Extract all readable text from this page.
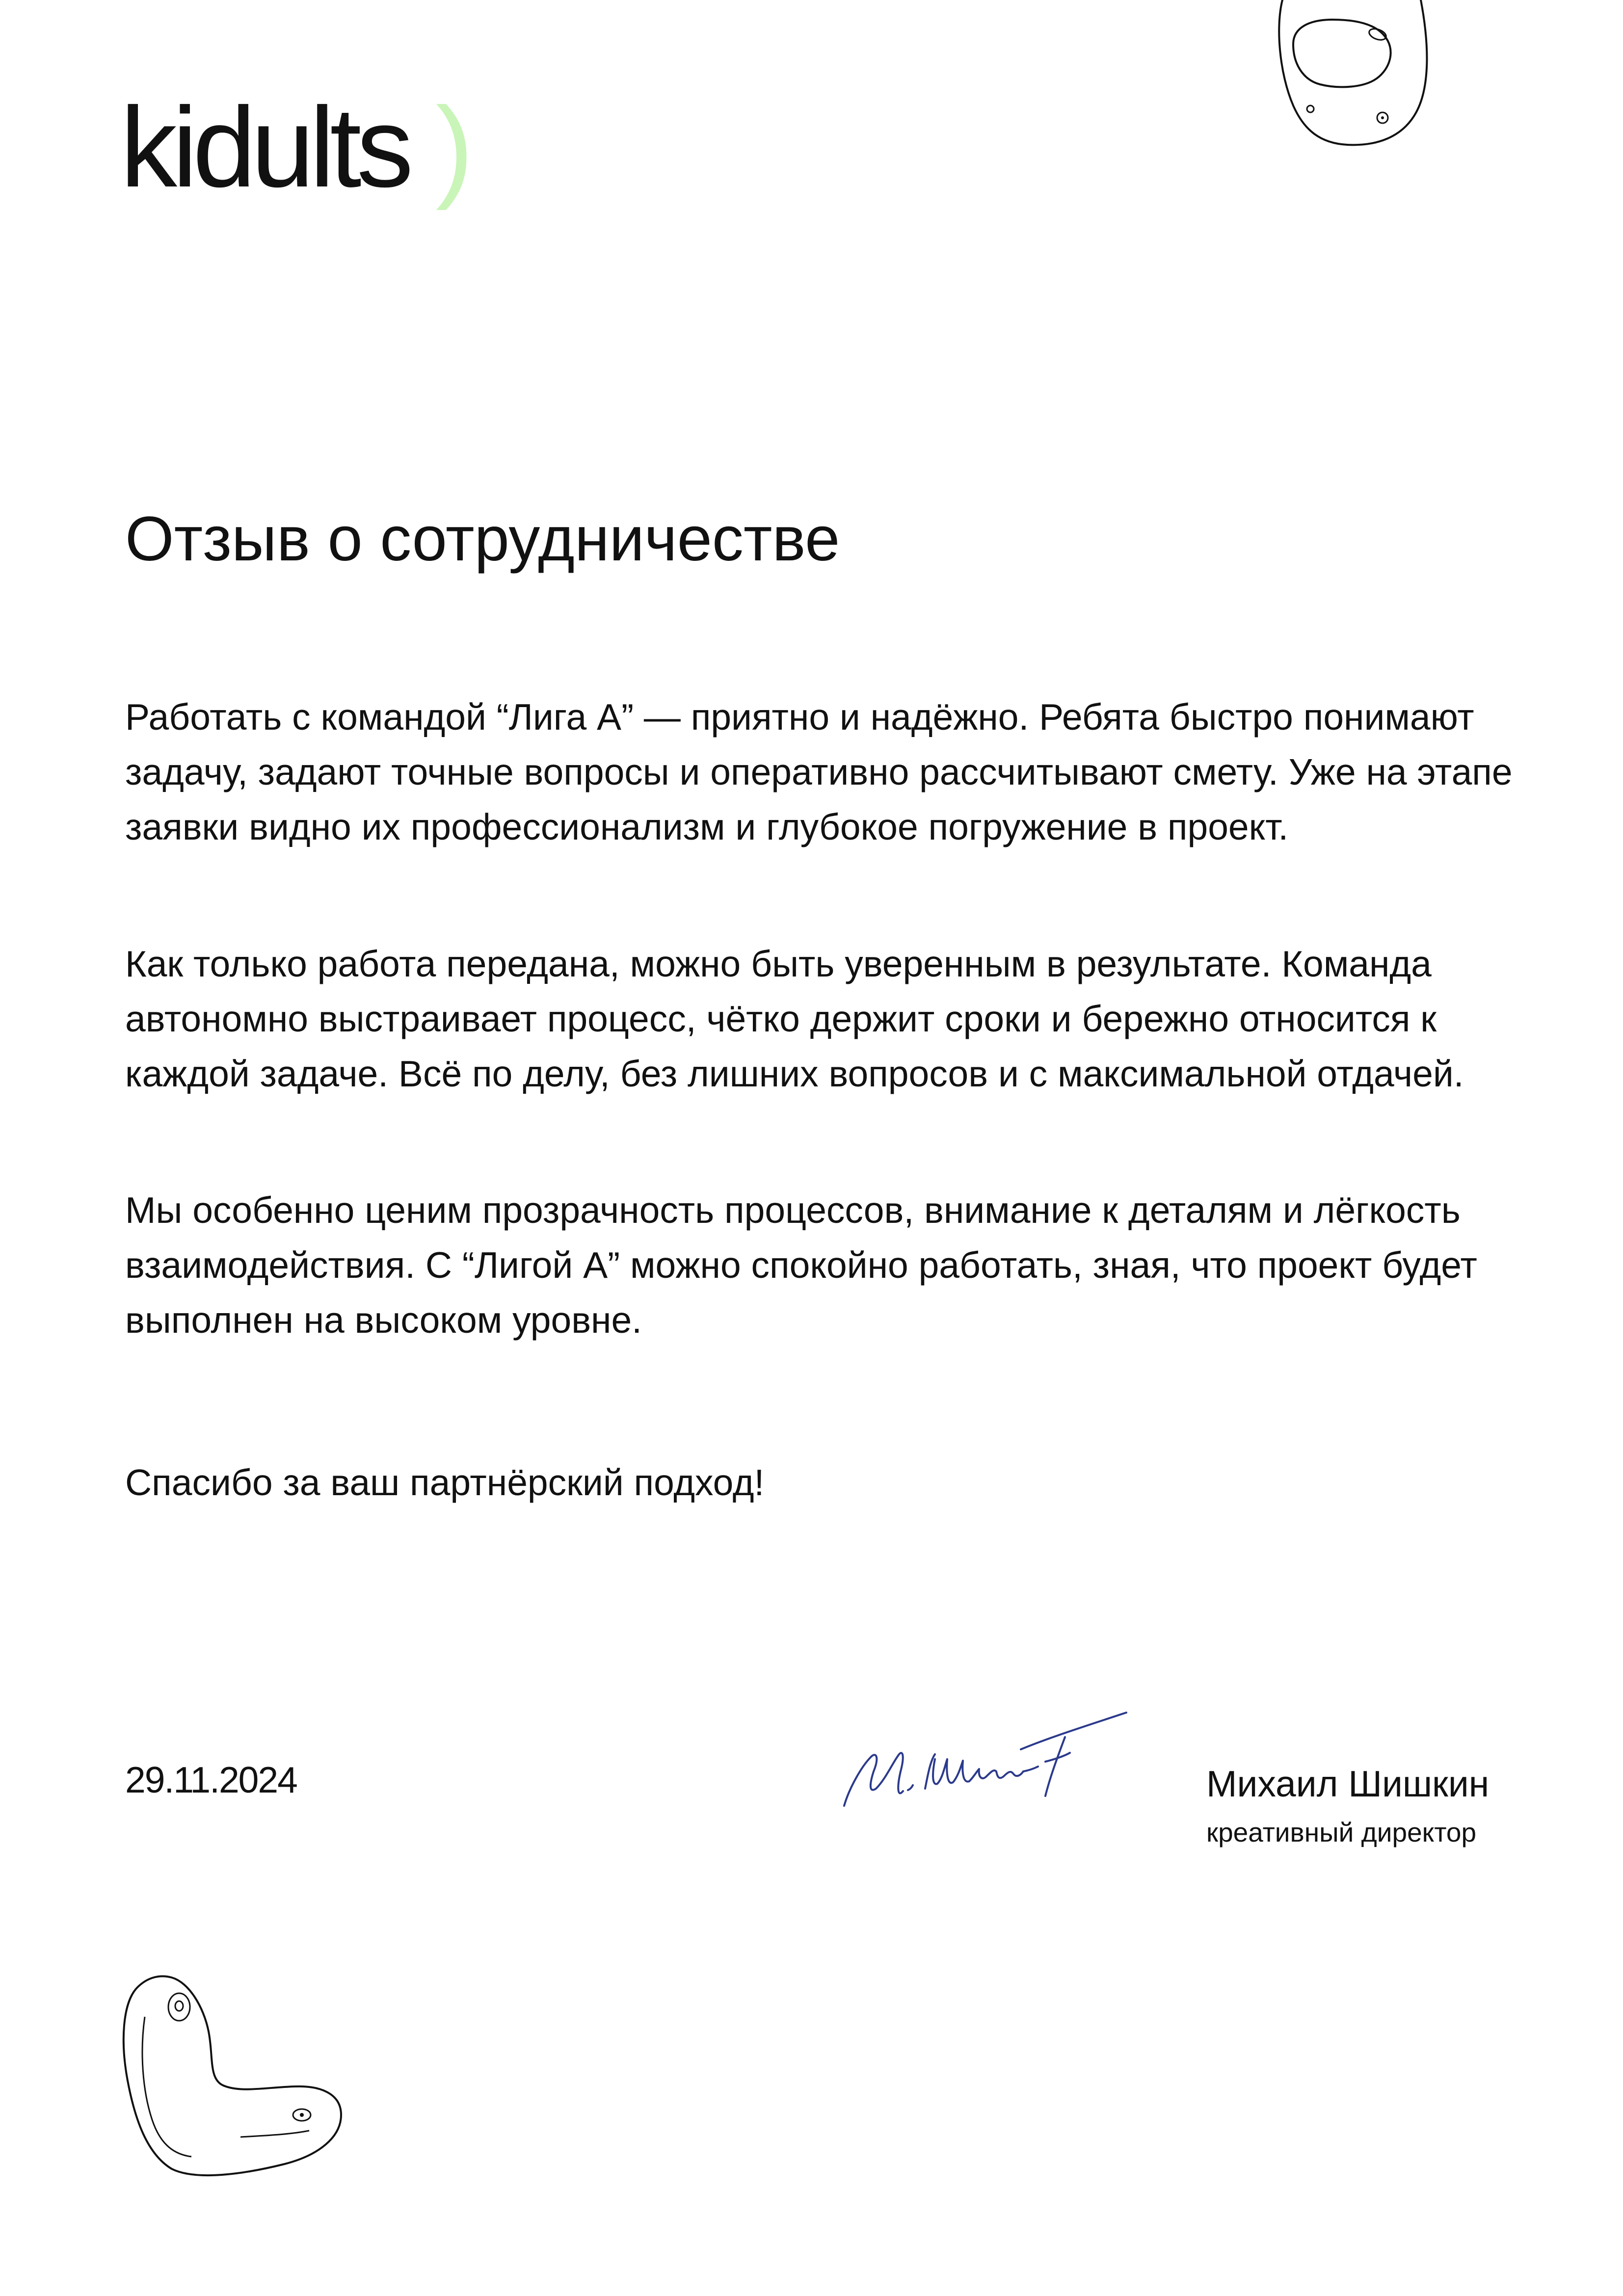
kidults )
Отзыв о сотрудничестве

Работать с командой “Лига А” — приятно и надёжно. Ребята быстро понимают задачу, задают точные вопросы и оперативно рассчитывают смету. Уже на этапе заявки видно их профессионализм и глубокое погружение в проект.

Как только работа передана, можно быть уверенным в результате. Команда автономно выстраивает процесс, чётко держит сроки и бережно относится к каждой задаче. Всё по делу, без лишних вопросов и с максимальной отдачей.

Мы особенно ценим прозрачность процессов, внимание к деталям и лёгкость взаимодействия. С “Лигой А” можно спокойно работать, зная, что проект будет выполнен на высоком уровне.

Спасибо за ваш партнёрский подход!

29.11.2024	Михаил Шишкин
креативный директор
